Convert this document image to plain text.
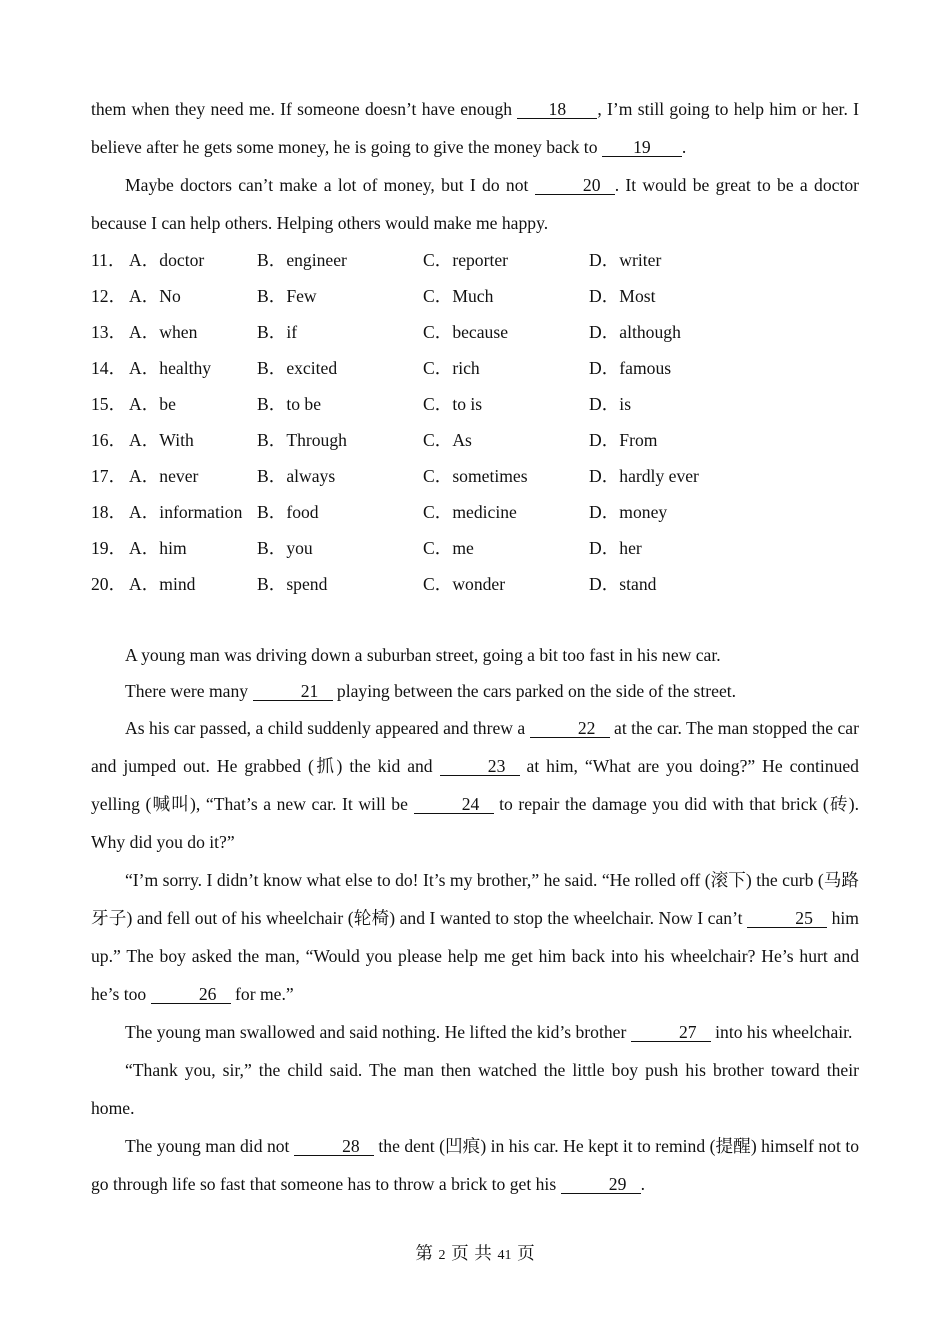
them when they need me. If someone doesn’t have enough 18 , I’m still going to help him or her. I believe after he gets some money, he is going to give the money back to 19 .

Maybe doctors can’t make a lot of money, but I do not	20 . It would be great to be a doctor because I can help others. Helping others would make me happy.

11． A．doctor	B．engineer	C．reporter	D．writer
12． A．No	B．Few	C．Much	D．Most
13． A．when	B．if	C．because	D．although
14． A．healthy	B．excited	C．rich	D．famous
15． A．be	B．to be	C．to is	D．is
16． A．With	B．Through	C．As	D．From
17． A．never	B．always	C．sometimes	D．hardly ever
18． A．information B．food	C．medicine	D．money
19． A．him	B．you	C．me	D．her
20． A．mind	B．spend	C．wonder	D．stand

A young man was driving down a suburban street, going a bit too fast in his new car.

There were many	21 playing between the cars parked on the side of the street.

As his car passed, a child suddenly appeared and threw a	22 at the car. The man stopped the car and jumped out. He grabbed (抓) the kid and	23 at him, “What are you doing?” He continued yelling (喊叫), “That’s a new car. It will be	24 to repair the damage you did with that brick (砖). Why did you do it?”

“I’m sorry. I didn’t know what else to do! It’s my brother,” he said. “He rolled off (滚下) the curb (马路牙子) and fell out of his wheelchair (轮椅) and I wanted to stop the wheelchair. Now I can’t	25 him up.” The boy asked the man, “Would you please help me get him back into his wheelchair? He’s hurt and he’s too	26 for me.”

The young man swallowed and said nothing. He lifted the kid’s brother	27 into his wheelchair.

“Thank you, sir,” the child said. The man then watched the little boy push his brother toward their home.

The young man did not	28 the dent (凹痕) in his car. He kept it to remind (提醒) himself not to go through life so fast that someone has to throw a brick to get his	29 .

第 2 页 共 41 页
